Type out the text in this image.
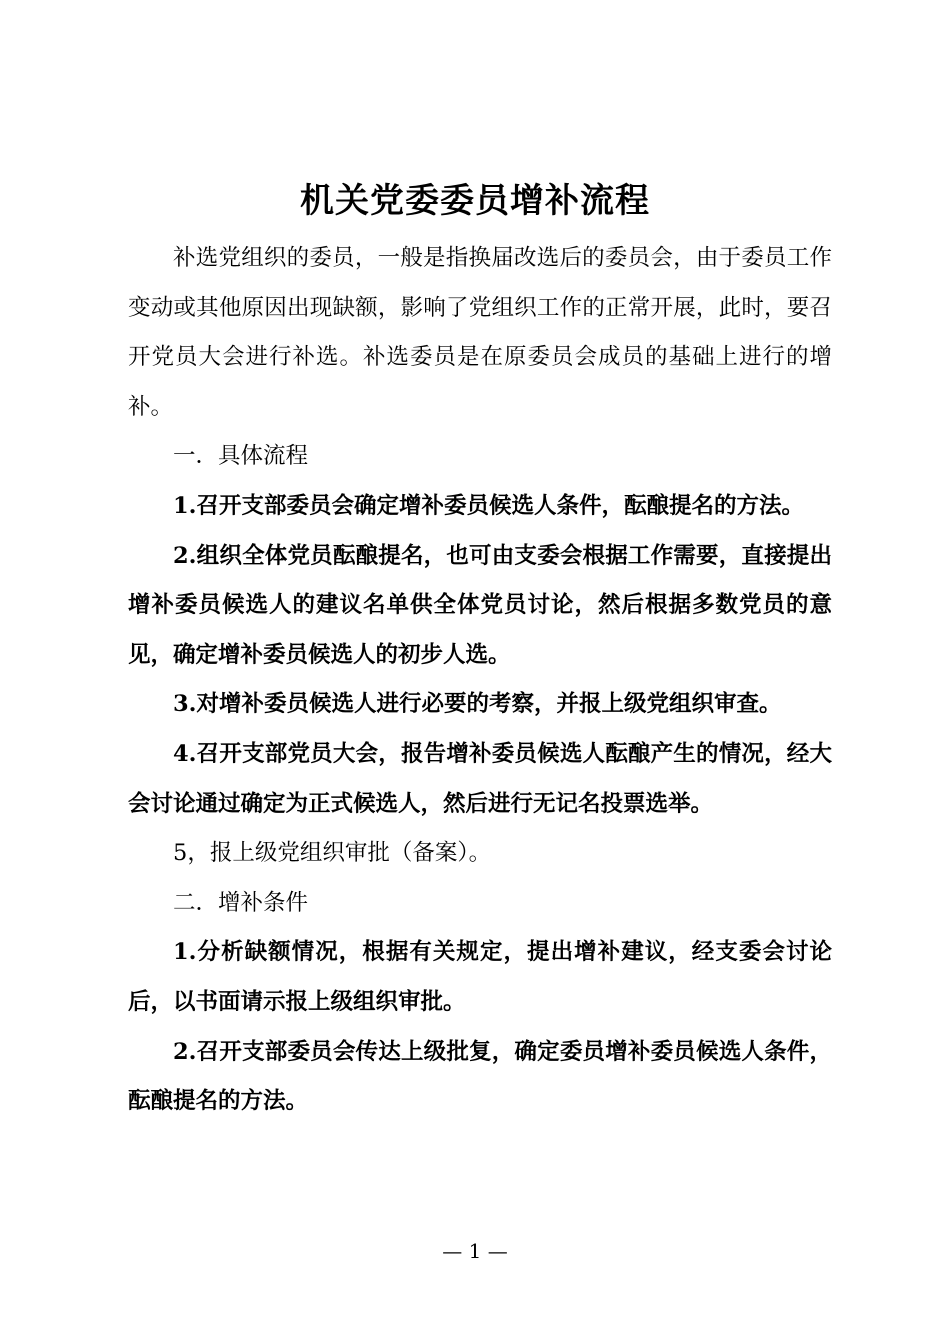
机关党委委员增补流程

补选党组织的委员，一般是指换届改选后的委员会，由于委员工作变动或其他原因出现缺额，影响了党组织工作的正常开展，此时，要召开党员大会进行补选。补选委员是在原委员会成员的基础上进行的增补。

一．具体流程

1.召开支部委员会确定增补委员候选人条件，酝酿提名的方法。

2.组织全体党员酝酿提名，也可由支委会根据工作需要，直接提出增补委员候选人的建议名单供全体党员讨论，然后根据多数党员的意见，确定增补委员候选人的初步人选。

3.对增补委员候选人进行必要的考察，并报上级党组织审查。

4.召开支部党员大会，报告增补委员候选人酝酿产生的情况，经大会讨论通过确定为正式候选人，然后进行无记名投票选举。

5，报上级党组织审批（备案）。

二．增补条件

1.分析缺额情况，根据有关规定，提出增补建议，经支委会讨论后，以书面请示报上级组织审批。

2.召开支部委员会传达上级批复，确定委员增补委员候选人条件，酝酿提名的方法。

— 1 —
